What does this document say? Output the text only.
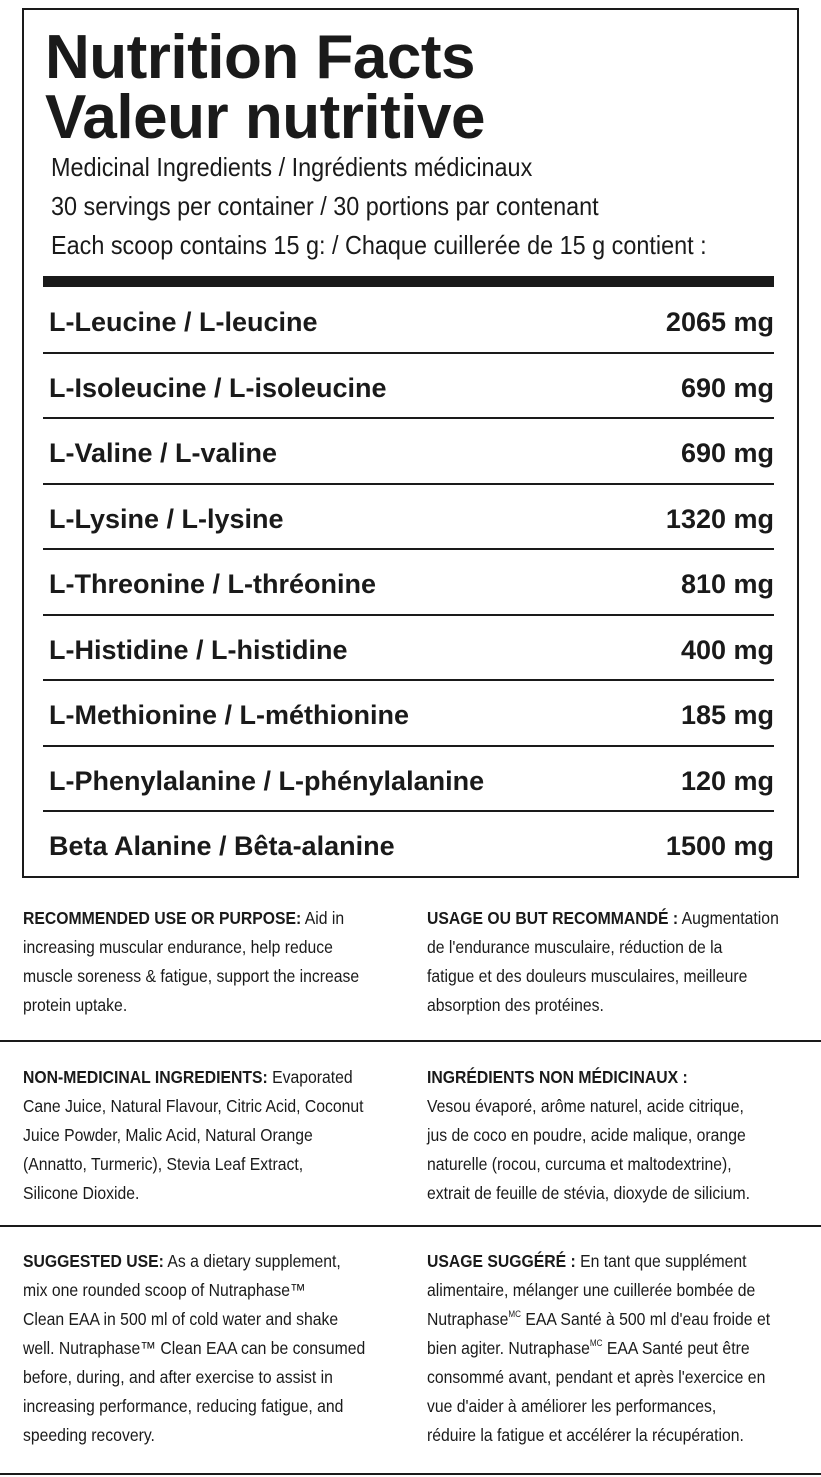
Nutrition Facts
Valeur nutritive
Medicinal Ingredients / Ingrédients médicinaux
30 servings per container / 30 portions par contenant
Each scoop contains 15 g: / Chaque cuillerée de 15 g contient :
L-Leucine / L-leucine	2065 mg
L-Isoleucine / L-isoleucine	690 mg
L-Valine / L-valine	690 mg
L-Lysine / L-lysine	1320 mg
L-Threonine / L-thréonine	810 mg
L-Histidine / L-histidine	400 mg
L-Methionine / L-méthionine	185 mg
L-Phenylalanine / L-phénylalanine	120 mg
Beta Alanine / Bêta-alanine	1500 mg
RECOMMENDED USE OR PURPOSE: Aid in
increasing muscular endurance, help reduce
muscle soreness & fatigue, support the increase
protein uptake.
USAGE OU BUT RECOMMANDÉ : Augmentation
de l'endurance musculaire, réduction de la
fatigue et des douleurs musculaires, meilleure
absorption des protéines.
NON-MEDICINAL INGREDIENTS: Evaporated
Cane Juice, Natural Flavour, Citric Acid, Coconut
Juice Powder, Malic Acid, Natural Orange
(Annatto, Turmeric), Stevia Leaf Extract,
Silicone Dioxide.
INGRÉDIENTS NON MÉDICINAUX :
Vesou évaporé, arôme naturel, acide citrique,
jus de coco en poudre, acide malique, orange
naturelle (rocou, curcuma et maltodextrine),
extrait de feuille de stévia, dioxyde de silicium.
SUGGESTED USE: As a dietary supplement,
mix one rounded scoop of Nutraphase™
Clean EAA in 500 ml of cold water and shake
well. Nutraphase™ Clean EAA can be consumed
before, during, and after exercise to assist in
increasing performance, reducing fatigue, and
speeding recovery.
USAGE SUGGÉRÉ : En tant que supplément
alimentaire, mélanger une cuillerée bombée de
Nutraphase$^{MC}$ EAA Santé à 500 ml d'eau froide et
bien agiter. Nutraphase$^{MC}$ EAA Santé peut être
consommé avant, pendant et après l'exercice en
vue d'aider à améliorer les performances,
réduire la fatigue et accélérer la récupération.
